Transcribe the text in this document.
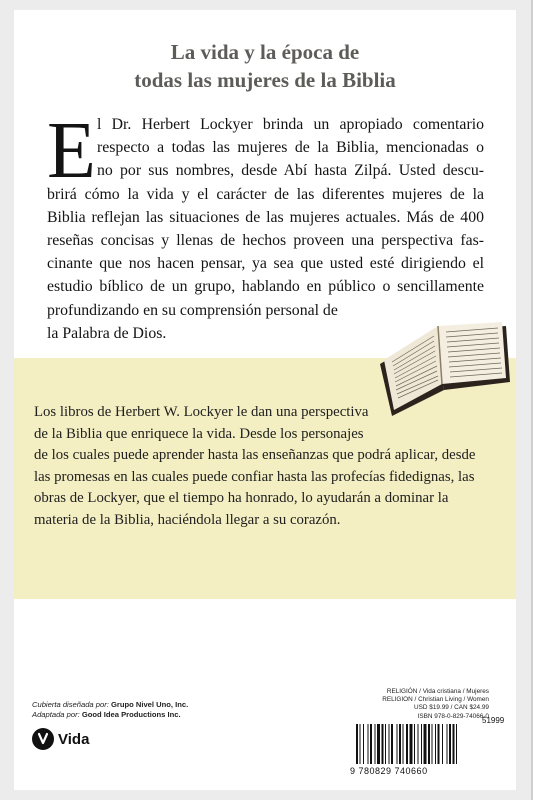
La vida y la época de
todas las mujeres de la Biblia
E l Dr. Herbert Lockyer brinda un apropiado comentario
respecto a todas las mujeres de la Biblia, mencionadas o
no por sus nombres, desde Abí hasta Zilpá. Usted descu-
brirá cómo la vida y el carácter de las diferentes mujeres de la
Biblia reflejan las situaciones de las mujeres actuales. Más de 400
reseñas concisas y llenas de hechos proveen una perspectiva fas-
cinante que nos hacen pensar, ya sea que usted esté dirigiendo el
estudio bíblico de un grupo, hablando en público o sencillamente
profundizando en su comprensión personal de
la Palabra de Dios.
Los libros de Herbert W. Lockyer le dan una perspectiva
de la Biblia que enriquece la vida. Desde los personajes
de los cuales puede aprender hasta las enseñanzas que podrá aplicar, desde
las promesas en las cuales puede confiar hasta las profecías fidedignas, las
obras de Lockyer, que el tiempo ha honrado, lo ayudarán a dominar la
materia de la Biblia, haciéndola llegar a su corazón.
Cubierta diseñada por: Grupo Nivel Uno, Inc.
Adaptada por: Good Idea Productions Inc.
Vida
RELIGIÓN / Vida cristiana / Mujeres
RELIGION / Christian Living / Women
USD $19.99 / CAN $24.99
ISBN 978-0-829-74066-0
51999
9 780829 740660
